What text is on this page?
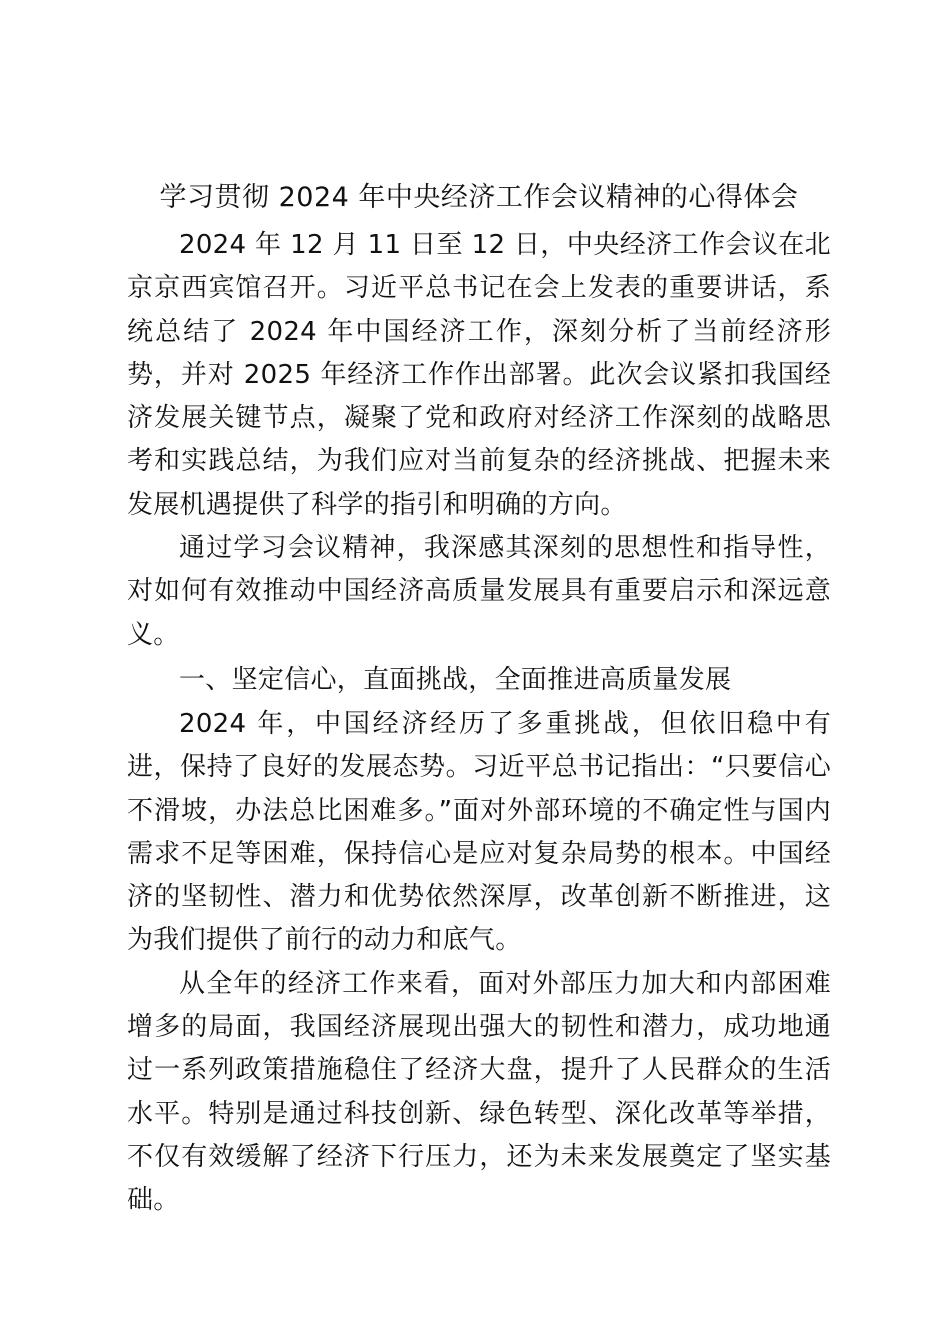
学习贯彻 2024 年中央经济工作会议精神的心得体会

2024 年 12 月 11 日至 12 日，中央经济工作会议在北京京西宾馆召开。习近平总书记在会上发表的重要讲话，系统总结了 2024 年中国经济工作，深刻分析了当前经济形势，并对 2025 年经济工作作出部署。此次会议紧扣我国经济发展关键节点，凝聚了党和政府对经济工作深刻的战略思考和实践总结，为我们应对当前复杂的经济挑战、把握未来发展机遇提供了科学的指引和明确的方向。

通过学习会议精神，我深感其深刻的思想性和指导性，对如何有效推动中国经济高质量发展具有重要启示和深远意义。

一、坚定信心，直面挑战，全面推进高质量发展

2024 年，中国经济经历了多重挑战，但依旧稳中有进，保持了良好的发展态势。习近平总书记指出：“只要信心不滑坡，办法总比困难多。”面对外部环境的不确定性与国内需求不足等困难，保持信心是应对复杂局势的根本。中国经济的坚韧性、潜力和优势依然深厚，改革创新不断推进，这为我们提供了前行的动力和底气。

从全年的经济工作来看，面对外部压力加大和内部困难增多的局面，我国经济展现出强大的韧性和潜力，成功地通过一系列政策措施稳住了经济大盘，提升了人民群众的生活水平。特别是通过科技创新、绿色转型、深化改革等举措，不仅有效缓解了经济下行压力，还为未来发展奠定了坚实基础。
